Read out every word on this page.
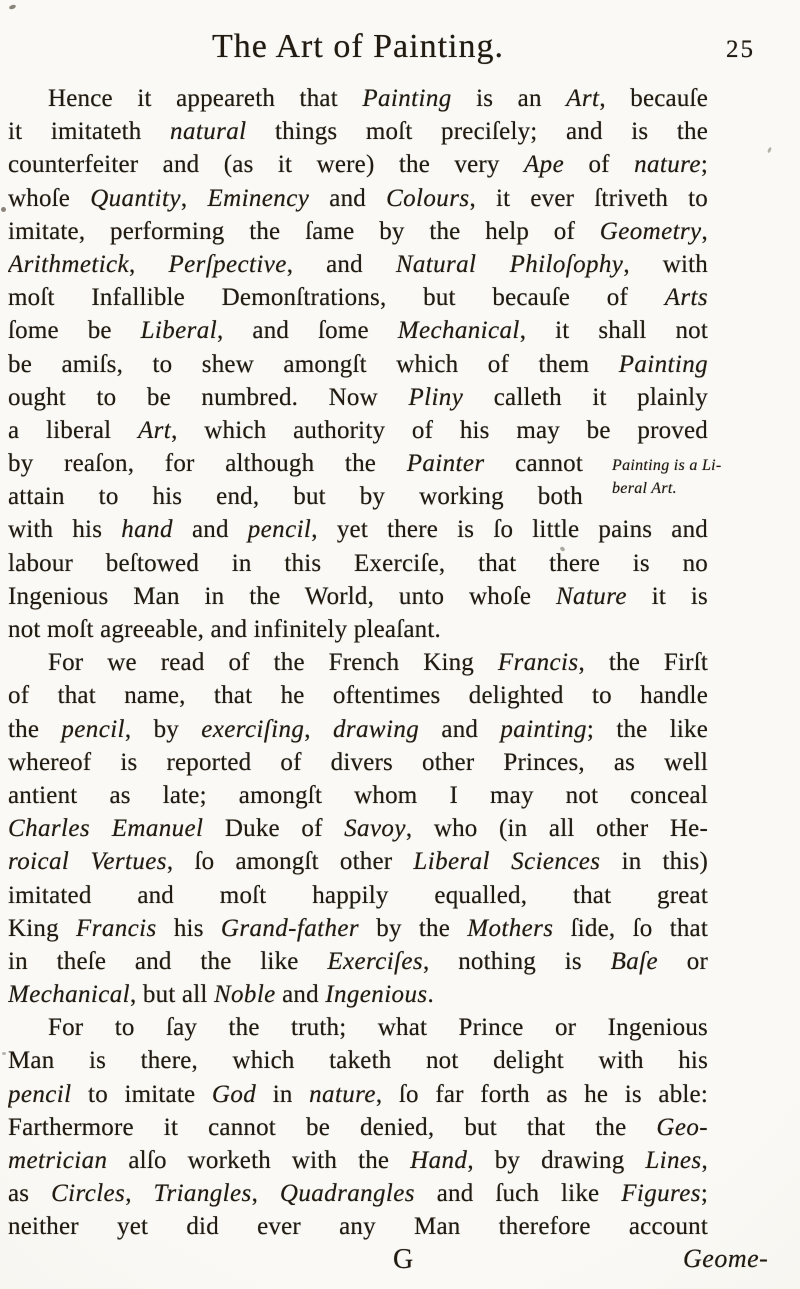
The Art of Painting.	25
Hence it appeareth that Painting is an Art, becauſe
it imitateth natural things moſt preciſely; and is the
counterfeiter and (as it were) the very Ape of nature;
whoſe Quantity, Eminency and Colours, it ever ſtriveth to
imitate, performing the ſame by the help of Geometry,
Arithmetick, Perſpective, and Natural Philoſophy, with
moſt Infallible Demonſtrations, but becauſe of Arts
ſome be Liberal, and ſome Mechanical, it shall not
be amiſs, to shew amongſt which of them Painting
ought to be numbred. Now Pliny calleth it plainly
a liberal Art, which authority of his may be proved
by reaſon, for although the Painter cannot
attain to his end, but by working both
with his hand and pencil, yet there is ſo little pains and
labour beſtowed in this Exerciſe, that there is no
Ingenious Man in the World, unto whoſe Nature it is
not moſt agreeable, and infinitely pleaſant.
For we read of the French King Francis, the Firſt
of that name, that he oftentimes delighted to handle
the pencil, by exerciſing, drawing and painting; the like
whereof is reported of divers other Princes, as well
antient as late; amongſt whom I may not conceal
Charles Emanuel Duke of Savoy, who (in all other He-
roical Vertues, ſo amongſt other Liberal Sciences in this)
imitated and moſt happily equalled, that great
King Francis his Grand-father by the Mothers ſide, ſo that
in theſe and the like Exerciſes, nothing is Baſe or
Mechanical, but all Noble and Ingenious.
For to ſay the truth; what Prince or Ingenious
Man is there, which taketh not delight with his
pencil to imitate God in nature, ſo far forth as he is able:
Farthermore it cannot be denied, but that the Geo-
metrician alſo worketh with the Hand, by drawing Lines,
as Circles, Triangles, Quadrangles and ſuch like Figures;
neither yet did ever any Man therefore account
Painting is a Li-
beral Art.
G	Geome-
